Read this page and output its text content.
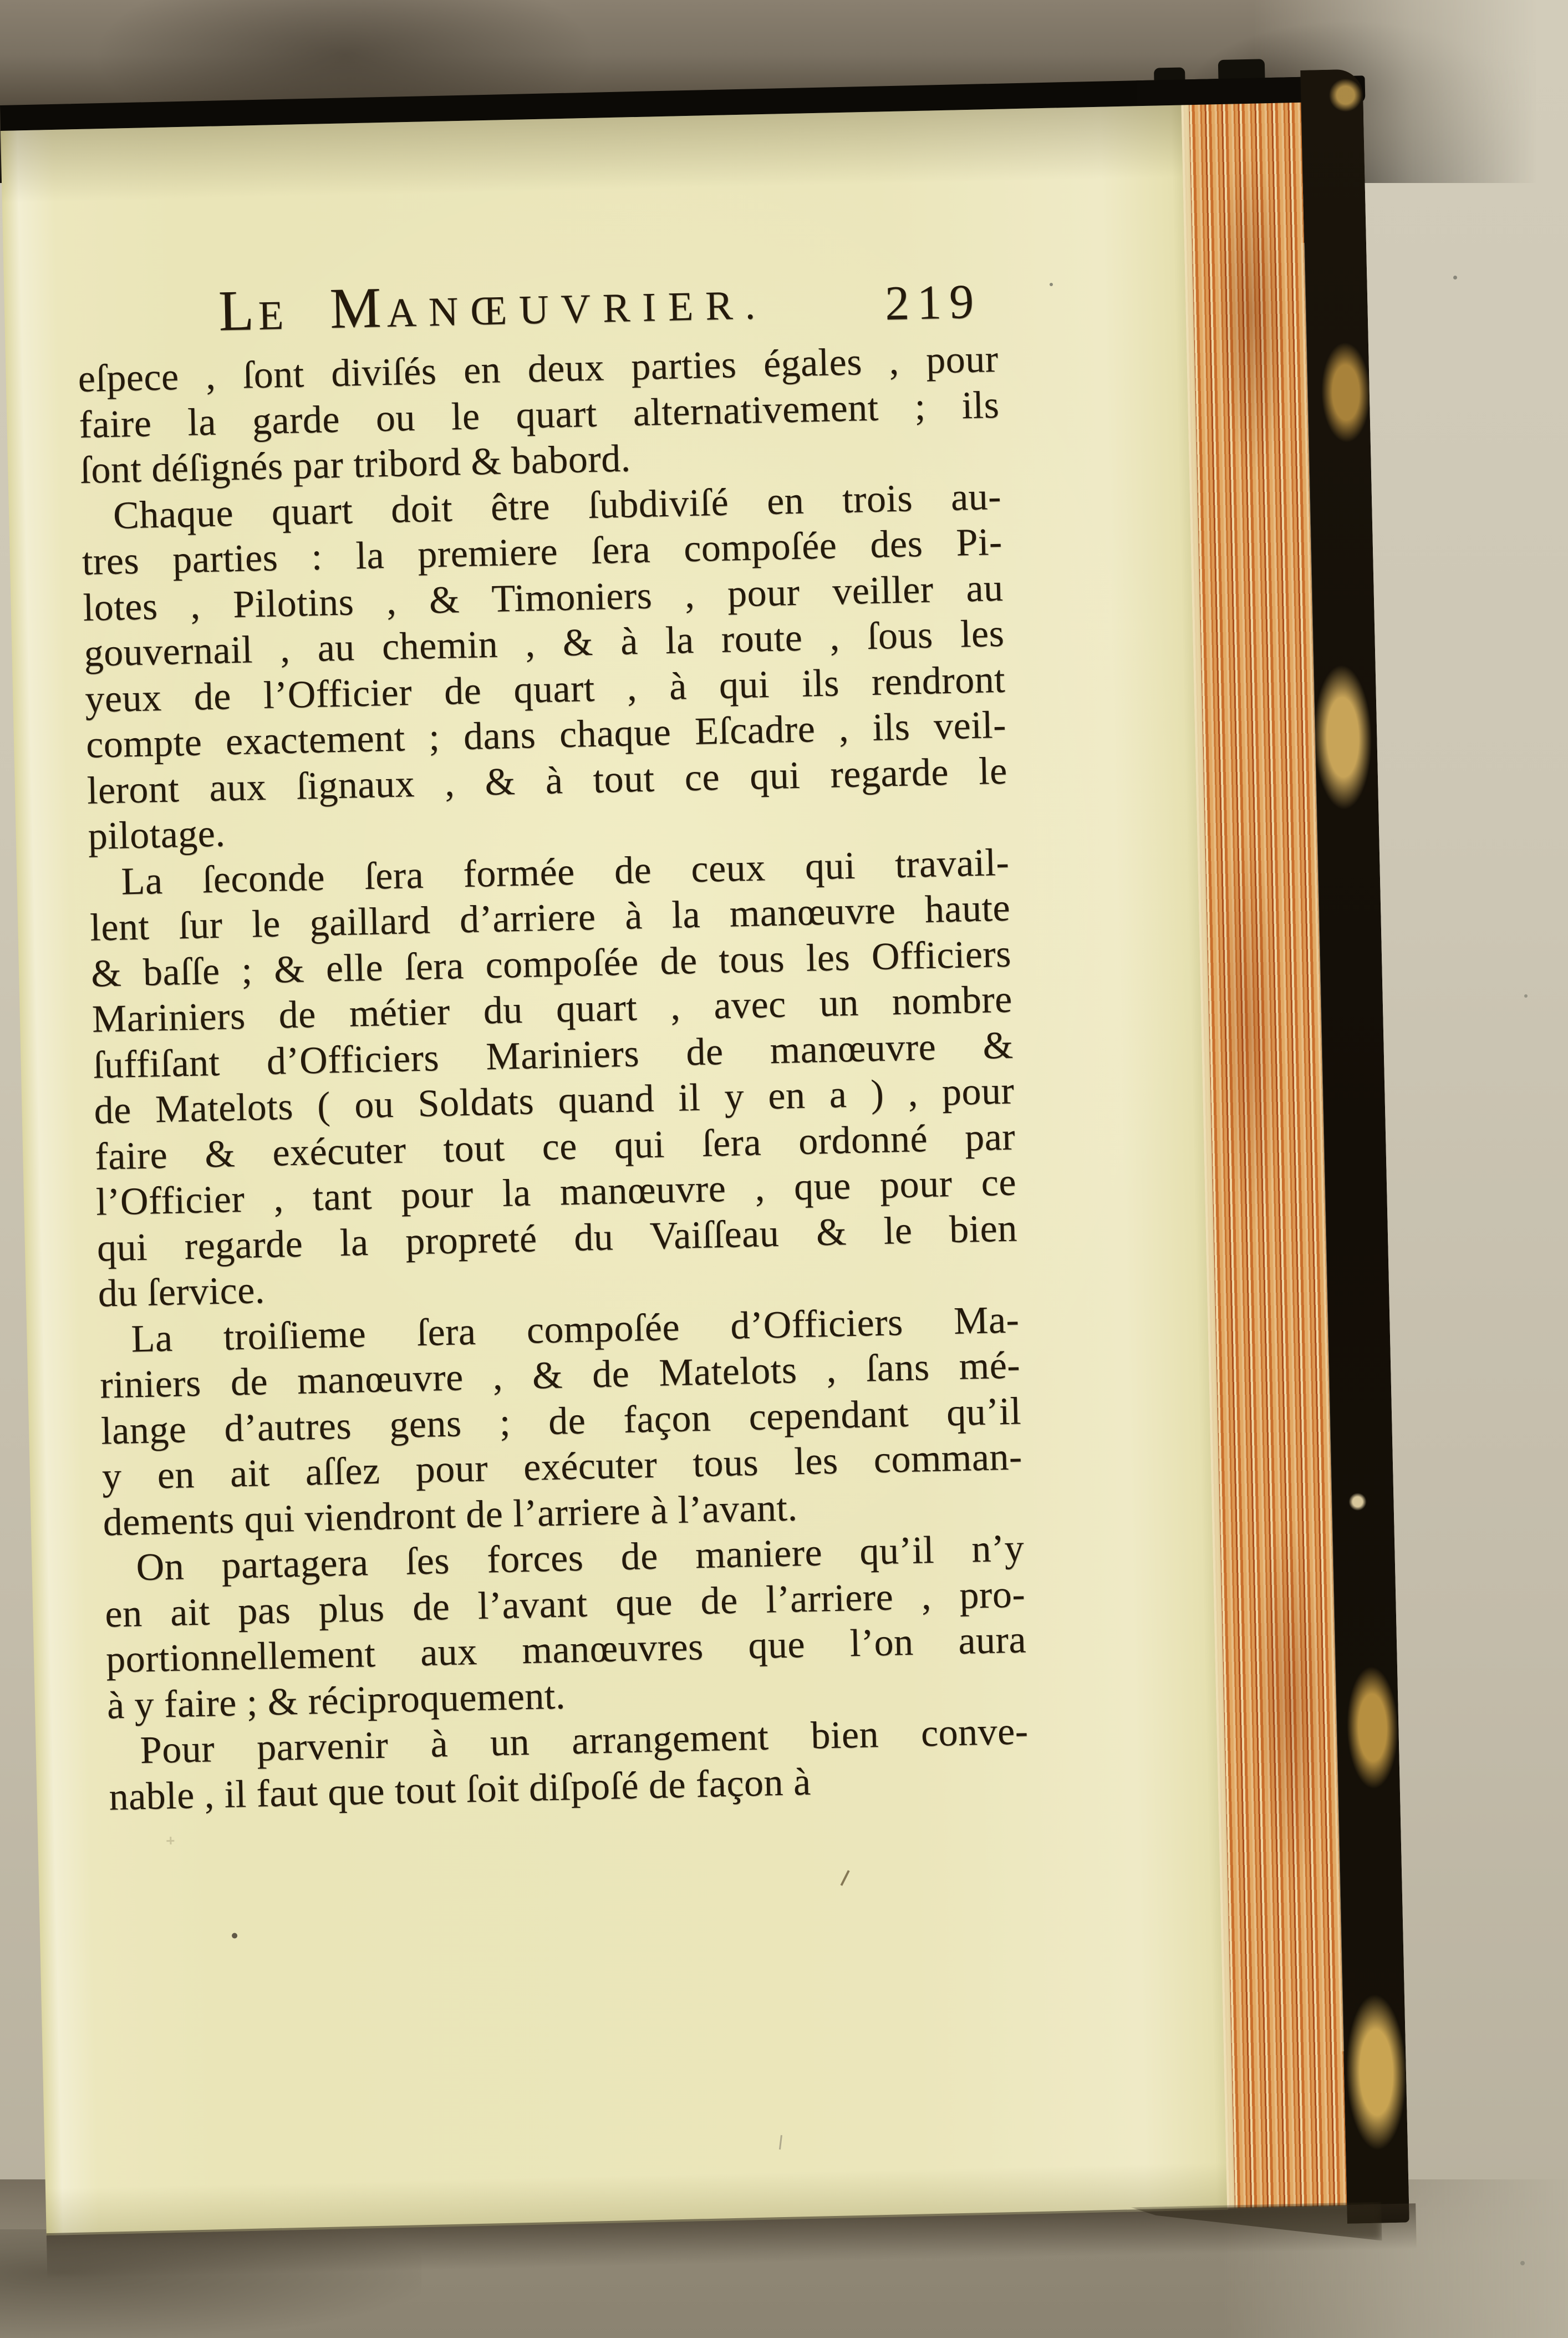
LE M ANŒUVRIER. 219
eſpece , ſont diviſés en deux parties égales , pour
faire la garde ou le quart alternativement ; ils
ſont déſignés par tribord & babord.
Chaque quart doit être ſubdiviſé en trois au-
tres parties : la premiere ſera compoſée des Pi-
lotes , Pilotins , & Timoniers , pour veiller au
gouvernail , au chemin , & à la route , ſous les
yeux de l’Officier de quart , à qui ils rendront
compte exactement ; dans chaque Eſcadre , ils veil-
leront aux ſignaux , & à tout ce qui regarde le
pilotage.
La ſeconde ſera formée de ceux qui travail-
lent ſur le gaillard d’arriere à la manœuvre haute
& baſſe ; & elle ſera compoſée de tous les Officiers
Mariniers de métier du quart , avec un nombre
ſuffiſant d’Officiers Mariniers de manœuvre &
de Matelots ( ou Soldats quand il y en a ) , pour
faire & exécuter tout ce qui ſera ordonné par
l’Officier , tant pour la manœuvre , que pour ce
qui regarde la propreté du Vaiſſeau & le bien
du ſervice.
La troiſieme ſera compoſée d’Officiers Ma-
riniers de manœuvre , & de Matelots , ſans mé-
lange d’autres gens ; de façon cependant qu’il
y en ait aſſez pour exécuter tous les comman-
dements qui viendront de l’arriere à l’avant.
On partagera ſes forces de maniere qu’il n’y
en ait pas plus de l’avant que de l’arriere , pro-
portionnellement aux manœuvres que l’on aura
à y faire ; & réciproquement.
Pour parvenir à un arrangement bien conve-
nable , il faut que tout ſoit diſpoſé de façon à
